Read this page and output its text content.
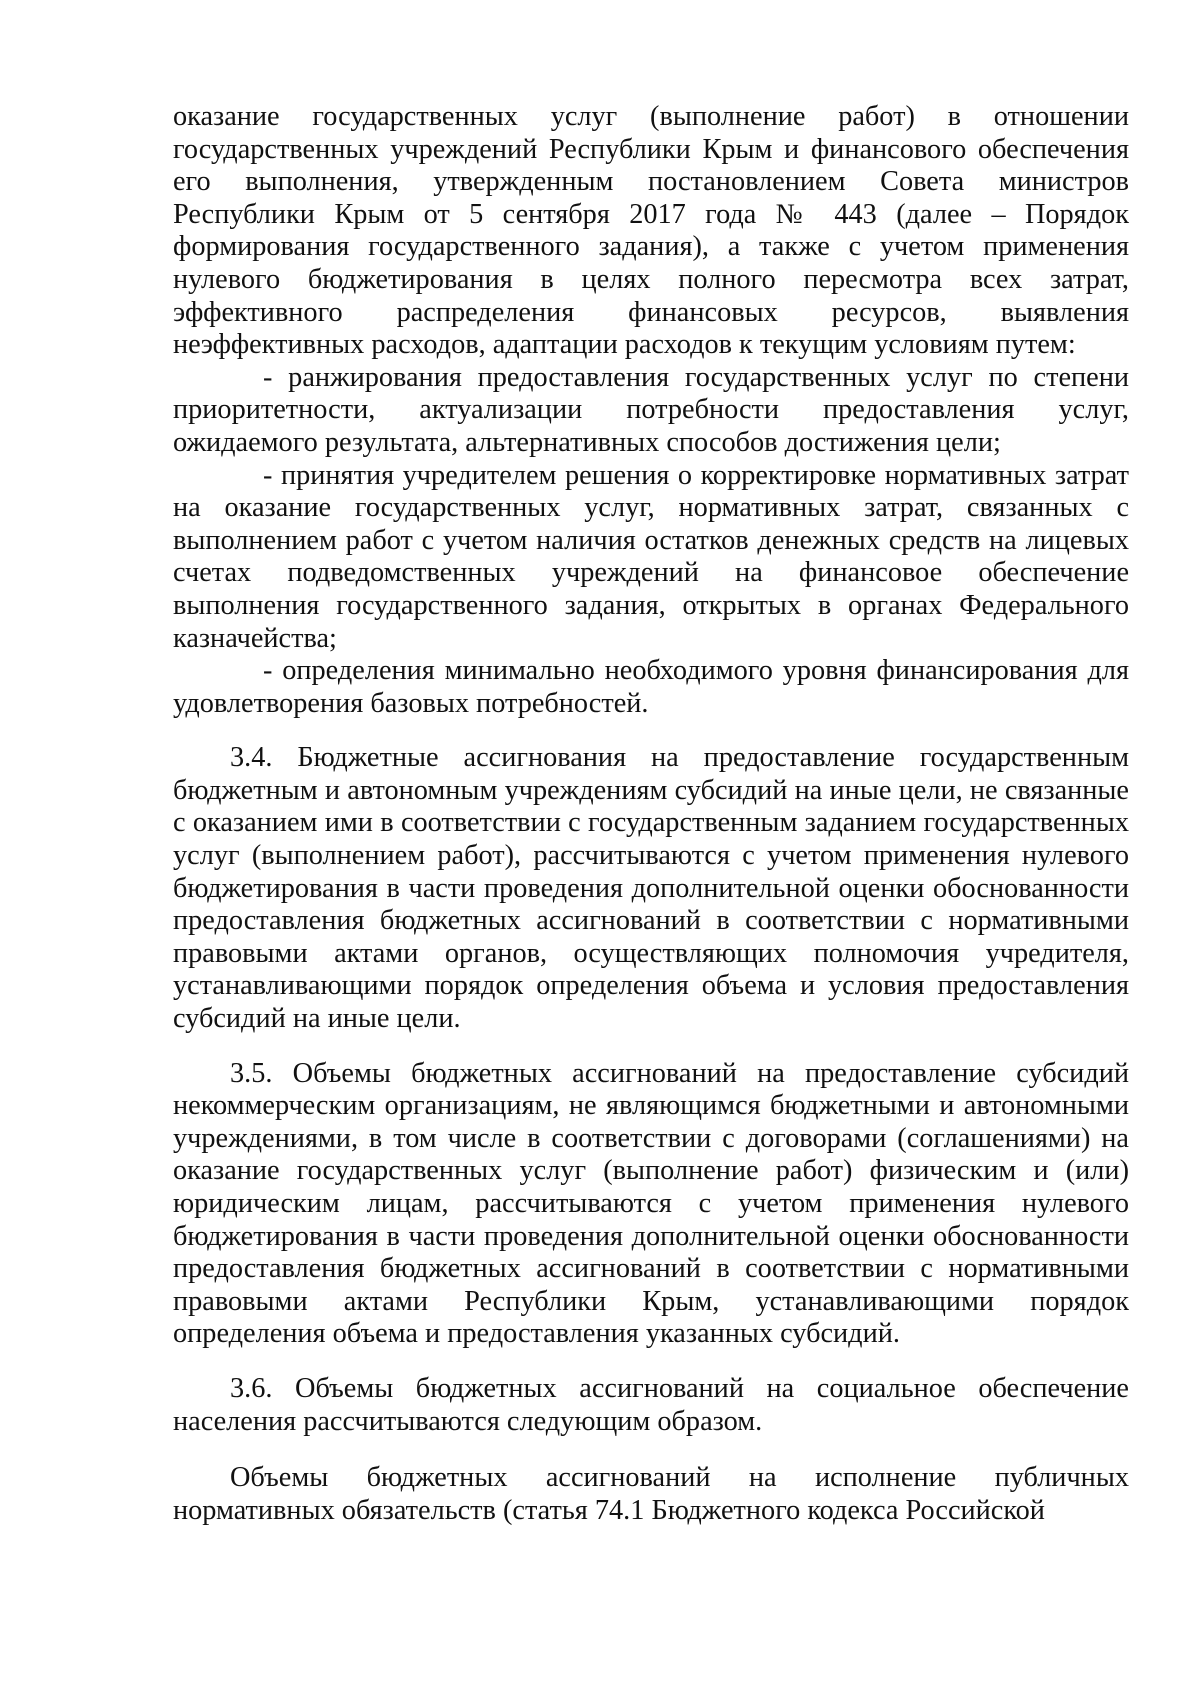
оказание государственных услуг (выполнение работ) в отношении государственных учреждений Республики Крым и финансового обеспечения его выполнения, утвержденным постановлением Совета министров Республики Крым от 5 сентября 2017 года № 443 (далее – Порядок формирования государственного задания), а также с учетом применения нулевого бюджетирования в целях полного пересмотра всех затрат, эффективного распределения финансовых ресурсов, выявления неэффективных расходов, адаптации расходов к текущим условиям путем:

- ранжирования предоставления государственных услуг по степени приоритетности, актуализации потребности предоставления услуг, ожидаемого результата, альтернативных способов достижения цели;

- принятия учредителем решения о корректировке нормативных затрат на оказание государственных услуг, нормативных затрат, связанных с выполнением работ с учетом наличия остатков денежных средств на лицевых счетах подведомственных учреждений на финансовое обеспечение выполнения государственного задания, открытых в органах Федерального казначейства;

- определения минимально необходимого уровня финансирования для удовлетворения базовых потребностей.

3.4. Бюджетные ассигнования на предоставление государственным бюджетным и автономным учреждениям субсидий на иные цели, не связанные с оказанием ими в соответствии с государственным заданием государственных услуг (выполнением работ), рассчитываются с учетом применения нулевого бюджетирования в части проведения дополнительной оценки обоснованности предоставления бюджетных ассигнований в соответствии с нормативными правовыми актами органов, осуществляющих полномочия учредителя, устанавливающими порядок определения объема и условия предоставления субсидий на иные цели.

3.5. Объемы бюджетных ассигнований на предоставление субсидий некоммерческим организациям, не являющимся бюджетными и автономными учреждениями, в том числе в соответствии с договорами (соглашениями) на оказание государственных услуг (выполнение работ) физическим и (или) юридическим лицам, рассчитываются с учетом применения нулевого бюджетирования в части проведения дополнительной оценки обоснованности предоставления бюджетных ассигнований в соответствии с нормативными правовыми актами Республики Крым, устанавливающими порядок определения объема и предоставления указанных субсидий.

3.6. Объемы бюджетных ассигнований на социальное обеспечение населения рассчитываются следующим образом.

Объемы бюджетных ассигнований на исполнение публичных нормативных обязательств (статья 74.1 Бюджетного кодекса Российской
